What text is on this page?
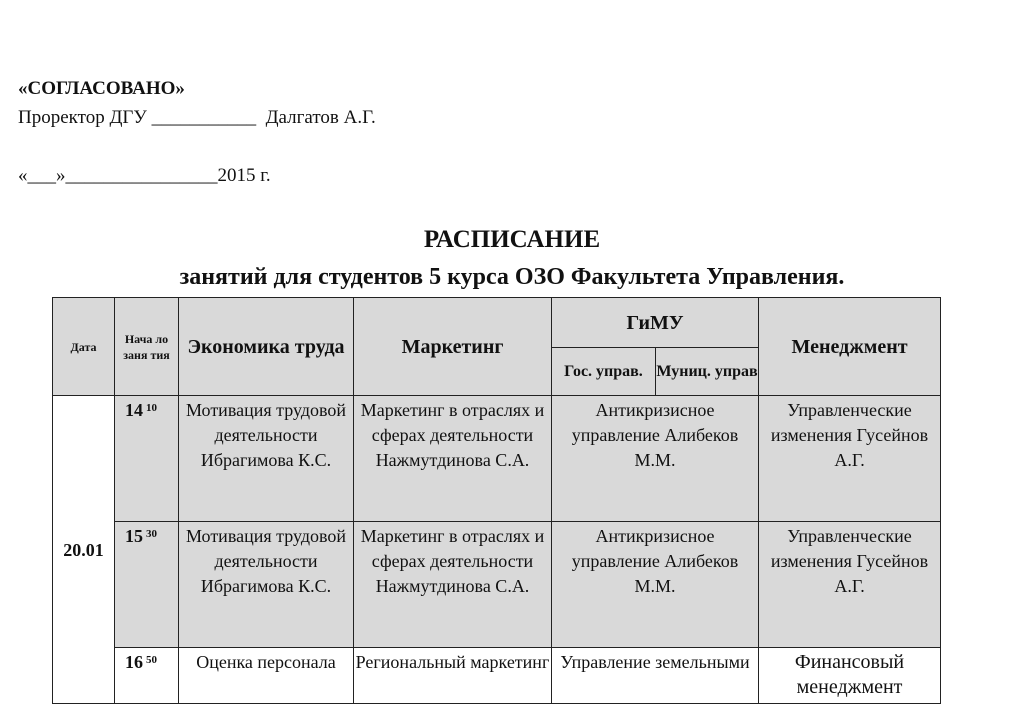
«СОГЛАСОВАНО»
Проректор ДГУ ___________  Далгатов А.Г.
«___»________________2015 г.
РАСПИСАНИЕ
занятий для студентов 5 курса ОЗО Факультета Управления.
Дата	Нача ло заня тия	Экономика труда	Маркетинг	ГиМУ		Менеджмент
				Гос. управ.	Муниц. управ	
20.01	14 $^{10}$	Мотивация трудовой деятельности Ибрагимова К.С.	Маркетинг в отраслях и сферах деятельности Нажмутдинова С.А.	Антикризисное управление Алибеков М.М.		Управленческие изменения Гусейнов А.Г.
	15 $^{30}$	Мотивация трудовой деятельности Ибрагимова К.С.	Маркетинг в отраслях и сферах деятельности Нажмутдинова С.А.	Антикризисное управление Алибеков М.М.		Управленческие изменения Гусейнов А.Г.
	16 $^{50}$	Оценка персонала	Региональный маркетинг	Управление земельными		Финансовый менеджмент
